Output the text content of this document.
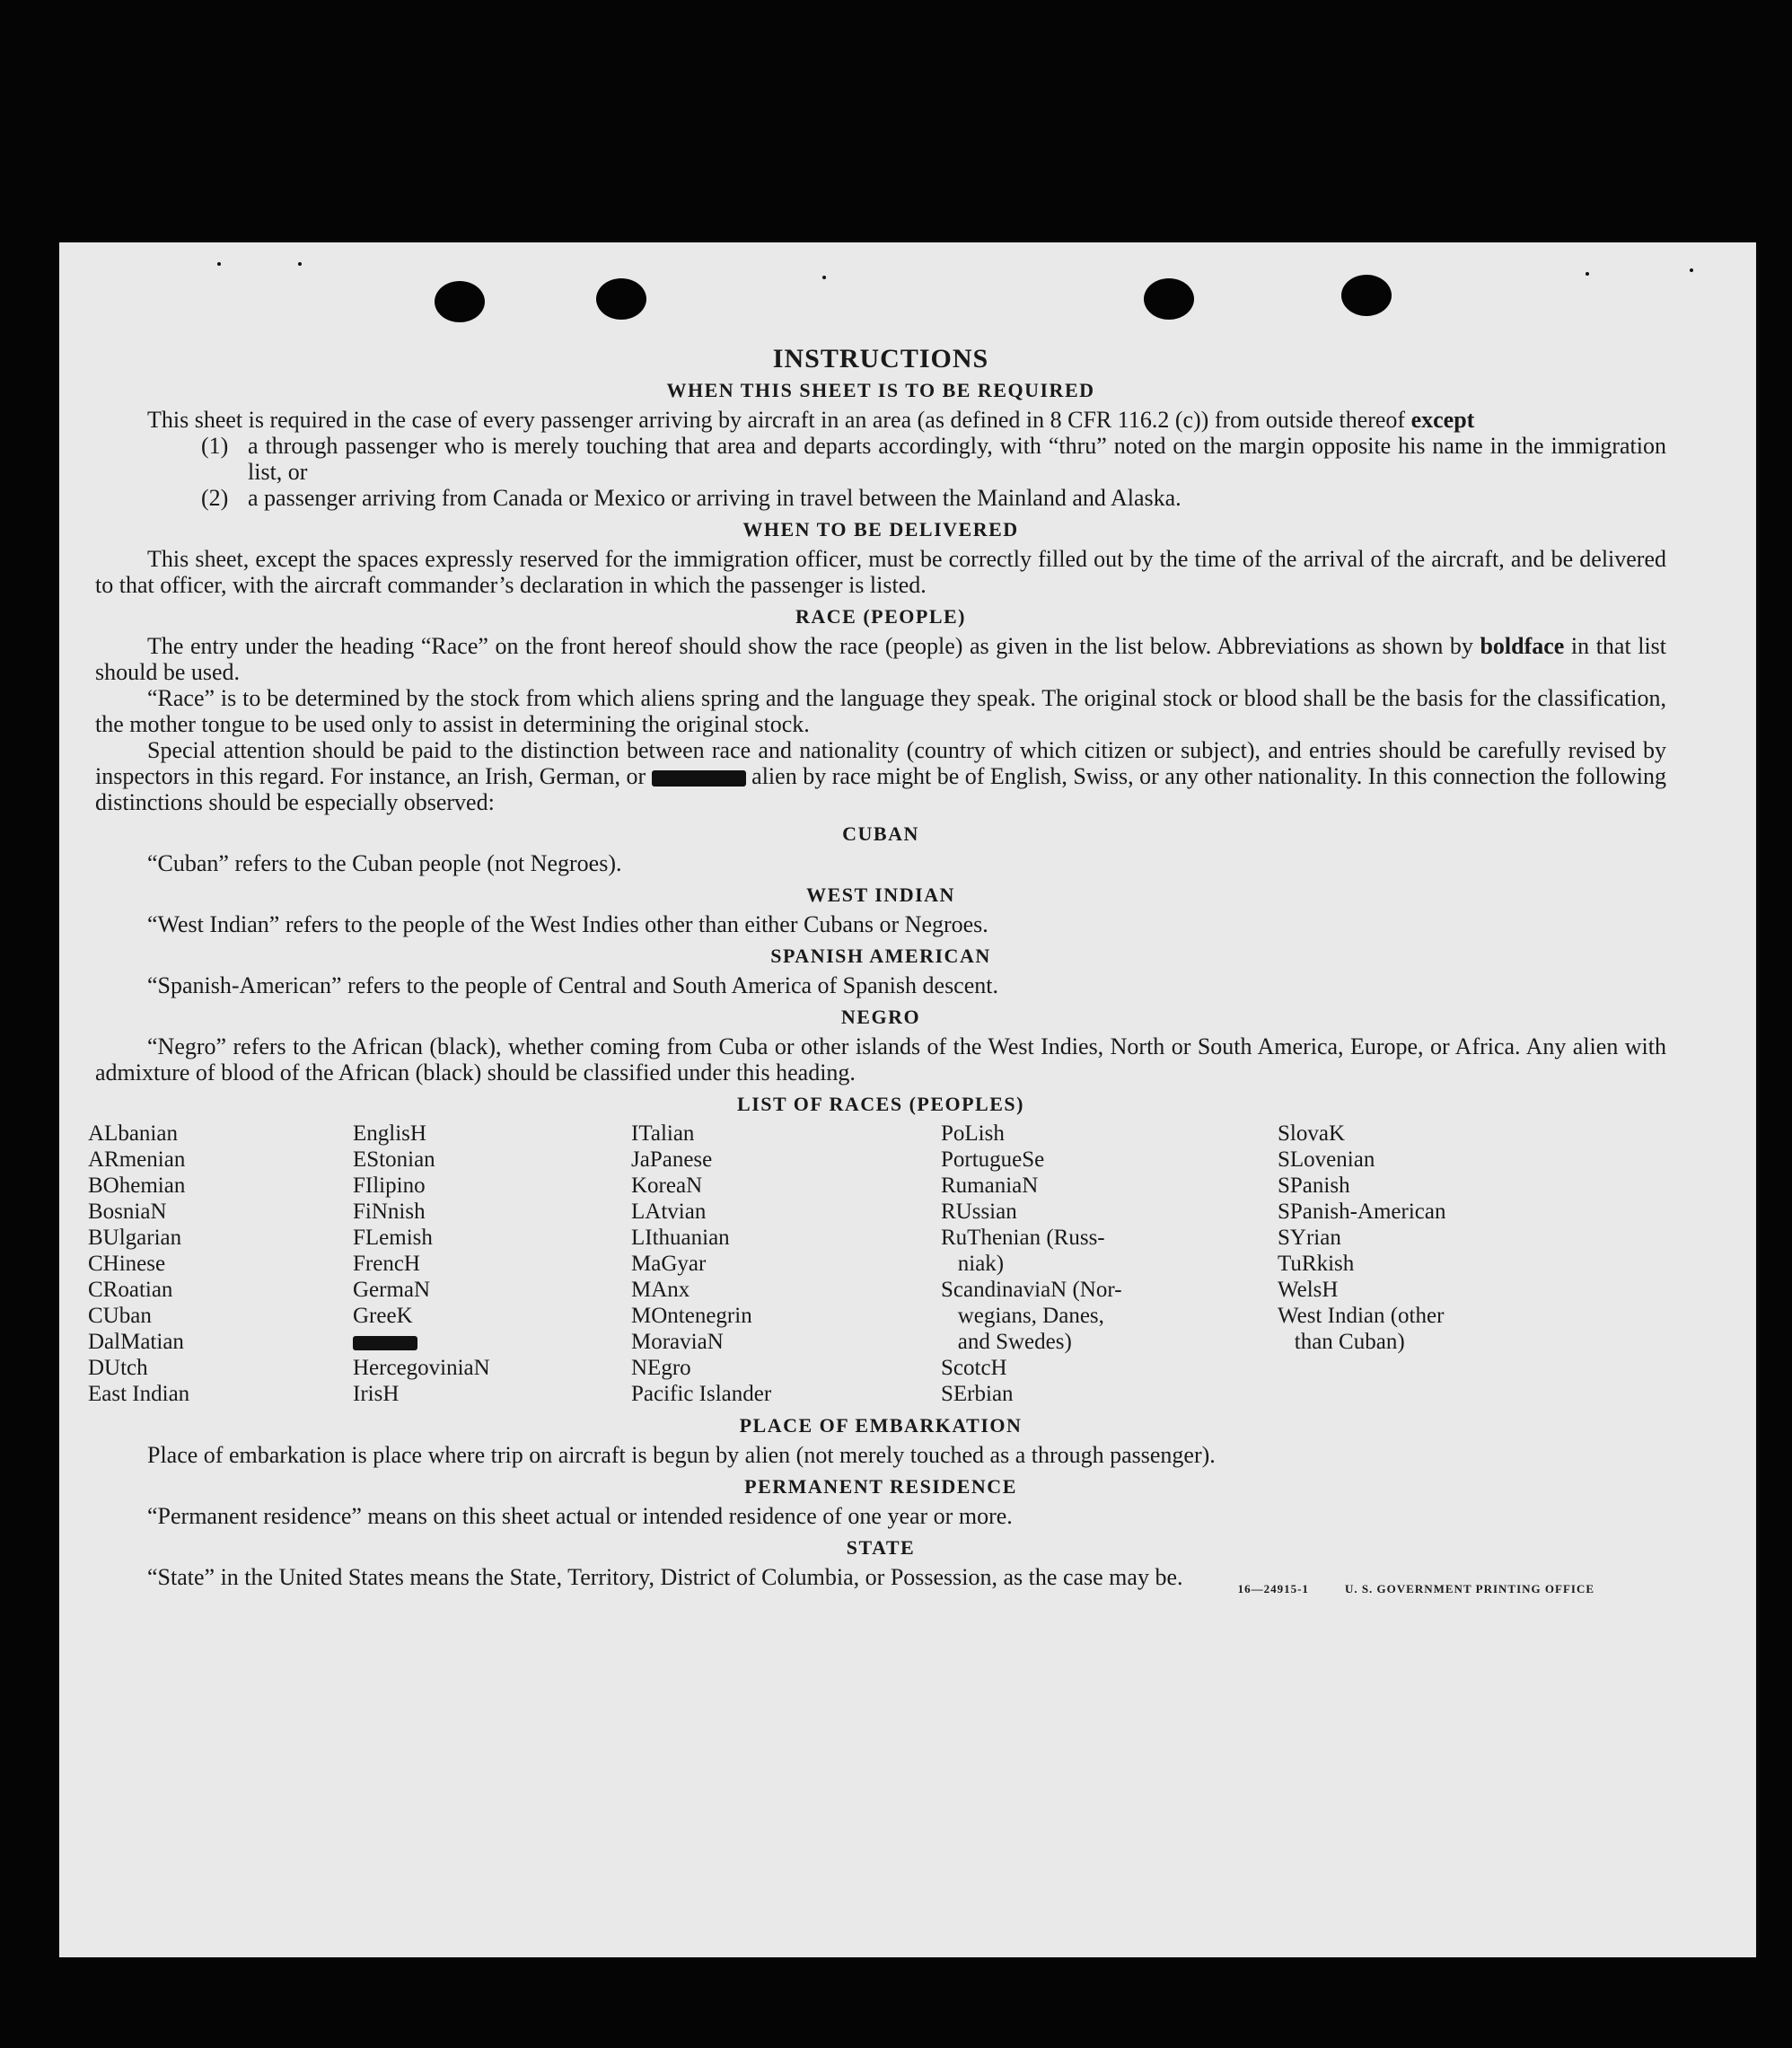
INSTRUCTIONS
WHEN THIS SHEET IS TO BE REQUIRED

This sheet is required in the case of every passenger arriving by aircraft in an area (as defined in 8 CFR 116.2 (c)) from outside thereof except

(1) a through passenger who is merely touching that area and departs accordingly, with “thru” noted on the margin opposite his name in the immigration list, or
(2) a passenger arriving from Canada or Mexico or arriving in travel between the Mainland and Alaska.
WHEN TO BE DELIVERED

This sheet, except the spaces expressly reserved for the immigration officer, must be correctly filled out by the time of the arrival of the aircraft, and be delivered to that officer, with the aircraft commander’s declaration in which the passenger is listed.

RACE (PEOPLE)

The entry under the heading “Race” on the front hereof should show the race (people) as given in the list below. Abbreviations as shown by boldface in that list should be used.

“Race” is to be determined by the stock from which aliens spring and the language they speak. The original stock or blood shall be the basis for the classification, the mother tongue to be used only to assist in determining the original stock.

Special attention should be paid to the distinction between race and nationality (country of which citizen or subject), and entries should be carefully revised by inspectors in this regard. For instance, an Irish, German, or	alien by race might be of English, Swiss, or any other nationality. In this connection the following distinctions should be especially observed:

CUBAN

“Cuban” refers to the Cuban people (not Negroes).

WEST INDIAN

“West Indian” refers to the people of the West Indies other than either Cubans or Negroes.

SPANISH AMERICAN

“Spanish-American” refers to the people of Central and South America of Spanish descent.

NEGRO

“Negro” refers to the African (black), whether coming from Cuba or other islands of the West Indies, North or South America, Europe, or Africa. Any alien with admixture of blood of the African (black) should be classified under this heading.

LIST OF RACES (PEOPLES)
ALbanian
ARmenian
BOhemian
BosniaN
BUlgarian
CHinese
CRoatian
CUban
DalMatian
DUtch
East Indian
EnglisH
EStonian
FIlipino
FiNnish
FLemish
FrencH
GermaN
GreeK
HercegoviniaN
IrisH
ITalian
JaPanese
KoreaN
LAtvian
LIthuanian
MaGyar
MAnx
MOntenegrin
MoraviaN
NEgro
Pacific Islander
PoLish
PortugueSe
RumaniaN
RUssian
RuThenian (Russ-
niak)
ScandinaviaN (Nor-
wegians, Danes,
and Swedes)
ScotcH
SErbian
SlovaK
SLovenian
SPanish
SPanish-American
SYrian
TuRkish
WelsH
West Indian (other
than Cuban)
PLACE OF EMBARKATION

Place of embarkation is place where trip on aircraft is begun by alien (not merely touched as a through passenger).

PERMANENT RESIDENCE

“Permanent residence” means on this sheet actual or intended residence of one year or more.

STATE

“State” in the United States means the State, Territory, District of Columbia, or Possession, as the case may be.	16—24915-1	U. S. GOVERNMENT PRINTING OFFICE
